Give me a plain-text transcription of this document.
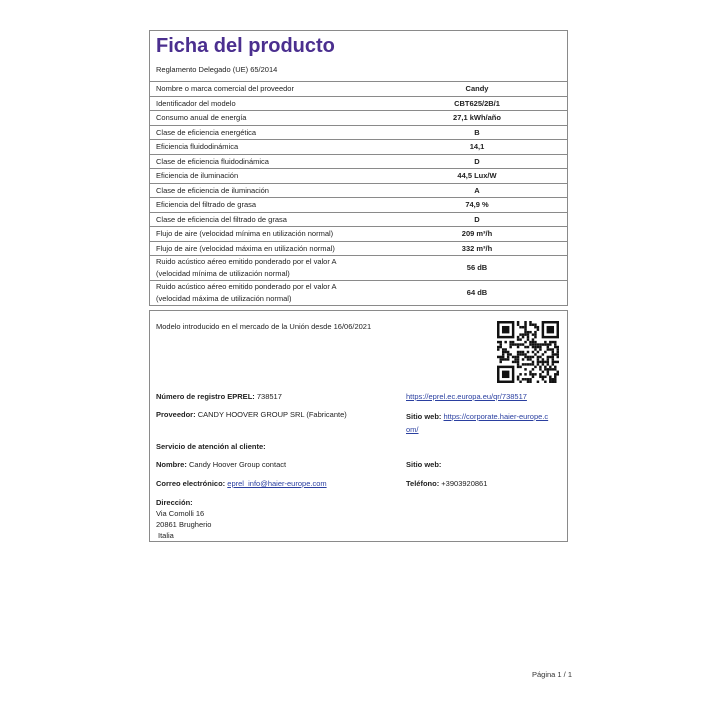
Ficha del producto
Reglamento Delegado (UE) 65/2014
Nombre o marca comercial del proveedor	Candy
Identificador del modelo	CBT625/2B/1
Consumo anual de energía	27,1 kWh/año
Clase de eficiencia energética	B
Eficiencia fluidodinámica	14,1
Clase de eficiencia fluidodinámica	D
Eficiencia de iluminación	44,5 Lux/W
Clase de eficiencia de iluminación	A
Eficiencia del filtrado de grasa	74,9 %
Clase de eficiencia del filtrado de grasa	D
Flujo de aire (velocidad mínima en utilización normal)	209 m³/h
Flujo de aire (velocidad máxima en utilización normal)	332 m³/h

Ruido acústico aéreo emitido ponderado por el valor A
(velocidad mínima de utilización normal)	56 dB

Ruido acústico aéreo emitido ponderado por el valor A
(velocidad máxima de utilización normal)	64 dB
Modelo introducido en el mercado de la Unión desde 16/06/2021
Número de registro EPREL: 738517	https://eprel.ec.europa.eu/qr/738517
Proveedor: CANDY HOOVER GROUP SRL (Fabricante)	Sitio web: https://corporate.haier-europe.c
om/
Servicio de atención al cliente:
Nombre: Candy Hoover Group contact	Sitio web:
Correo electrónico: eprel_info@haier-europe.com	Teléfono: +3903920861
Dirección:
Via Comolli 16
20861 Brugherio
Italia
Página 1 / 1
